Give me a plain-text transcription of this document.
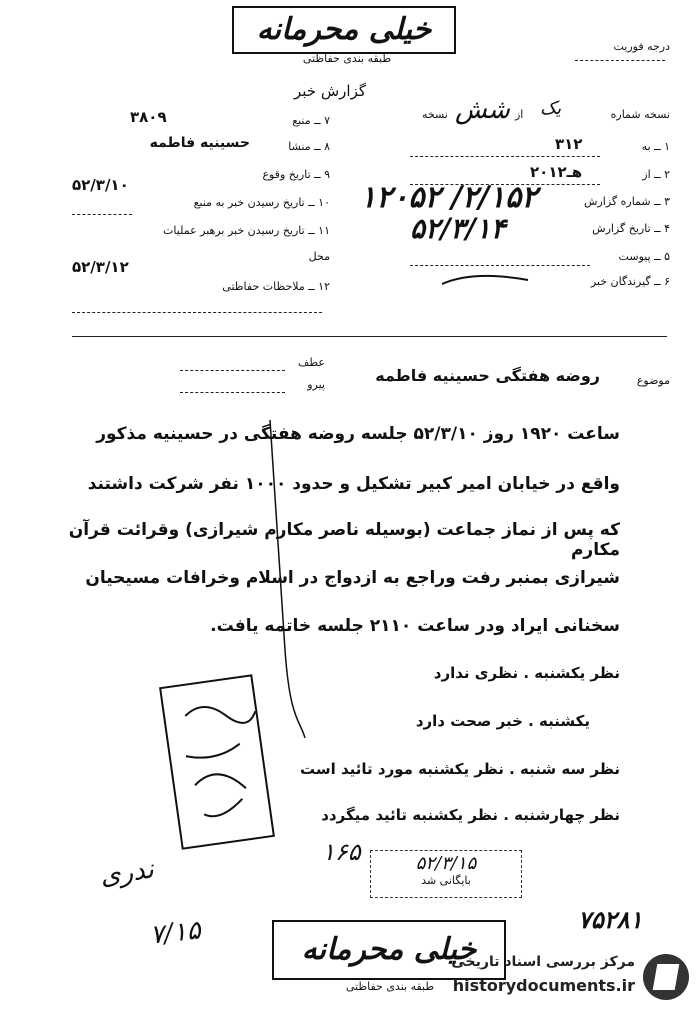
خیلی محرمانه
طبقه بندی حفاظتی
درجه فوریت
گزارش خبر
نسخه شماره
یک
از
شش
نسخه
۱ ــ به
۳۱۲
۲ ــ از
۲۰هـ۱۲
۳ ــ شماره گزارش
۱۲۰۵۲ /۲/۱۵۲
۴ ــ تاریخ گزارش
۵۲/۳/۱۴
۵ ــ پیوست
۶ ــ گیرندگان خبر
۷ ــ منبع
۳۸۰۹
۸ ــ منشا
حسینیه فاطمه
۹ ــ تاریخ وقوع
۵۲/۳/۱۰
۱۰ ــ تاریخ رسیدن خبر به منبع
۱۱ ــ تاریخ رسیدن خبر برهبر عملیات
محل
۵۲/۳/۱۲
۱۲ ــ ملاحظات حفاظتی
موضوع
روضه هفتگی حسینیه فاطمه
عطف
پیرو
ساعت ۱۹۲۰ روز ۵۲/۳/۱۰ جلسه روضه هفتگی در حسینیه مذکور
واقع در خیابان امیر کبیر تشکیل و حدود ۱۰۰۰ نفر شرکت داشتند
که پس از نماز جماعت (بوسیله ناصر مکارم شیرازی) وقرائت قرآن مکارم
شیرازی بمنبر رفت وراجع به ازدواج در اسلام وخرافات مسیحیان
سخنانی ایراد ودر ساعت ۲۱۱۰ جلسه خاتمه یافت.
نظر یکشنبه . نظری ندارد
یکشنبه . خبر صحت دارد
نظر سه شنبه . نظر یکشنبه مورد تائید است
نظر چهارشنبه . نظر یکشنبه تائید میگردد
۱۶۵	۵۲/۳/۱۵
بایگانی شد
ندری
۷/۱۵	۷۵۲۸۱
خیلی محرمانه
طبقه بندی حفاظتی
مرکز بررسی اسناد تاریخی
historydocuments.ir
